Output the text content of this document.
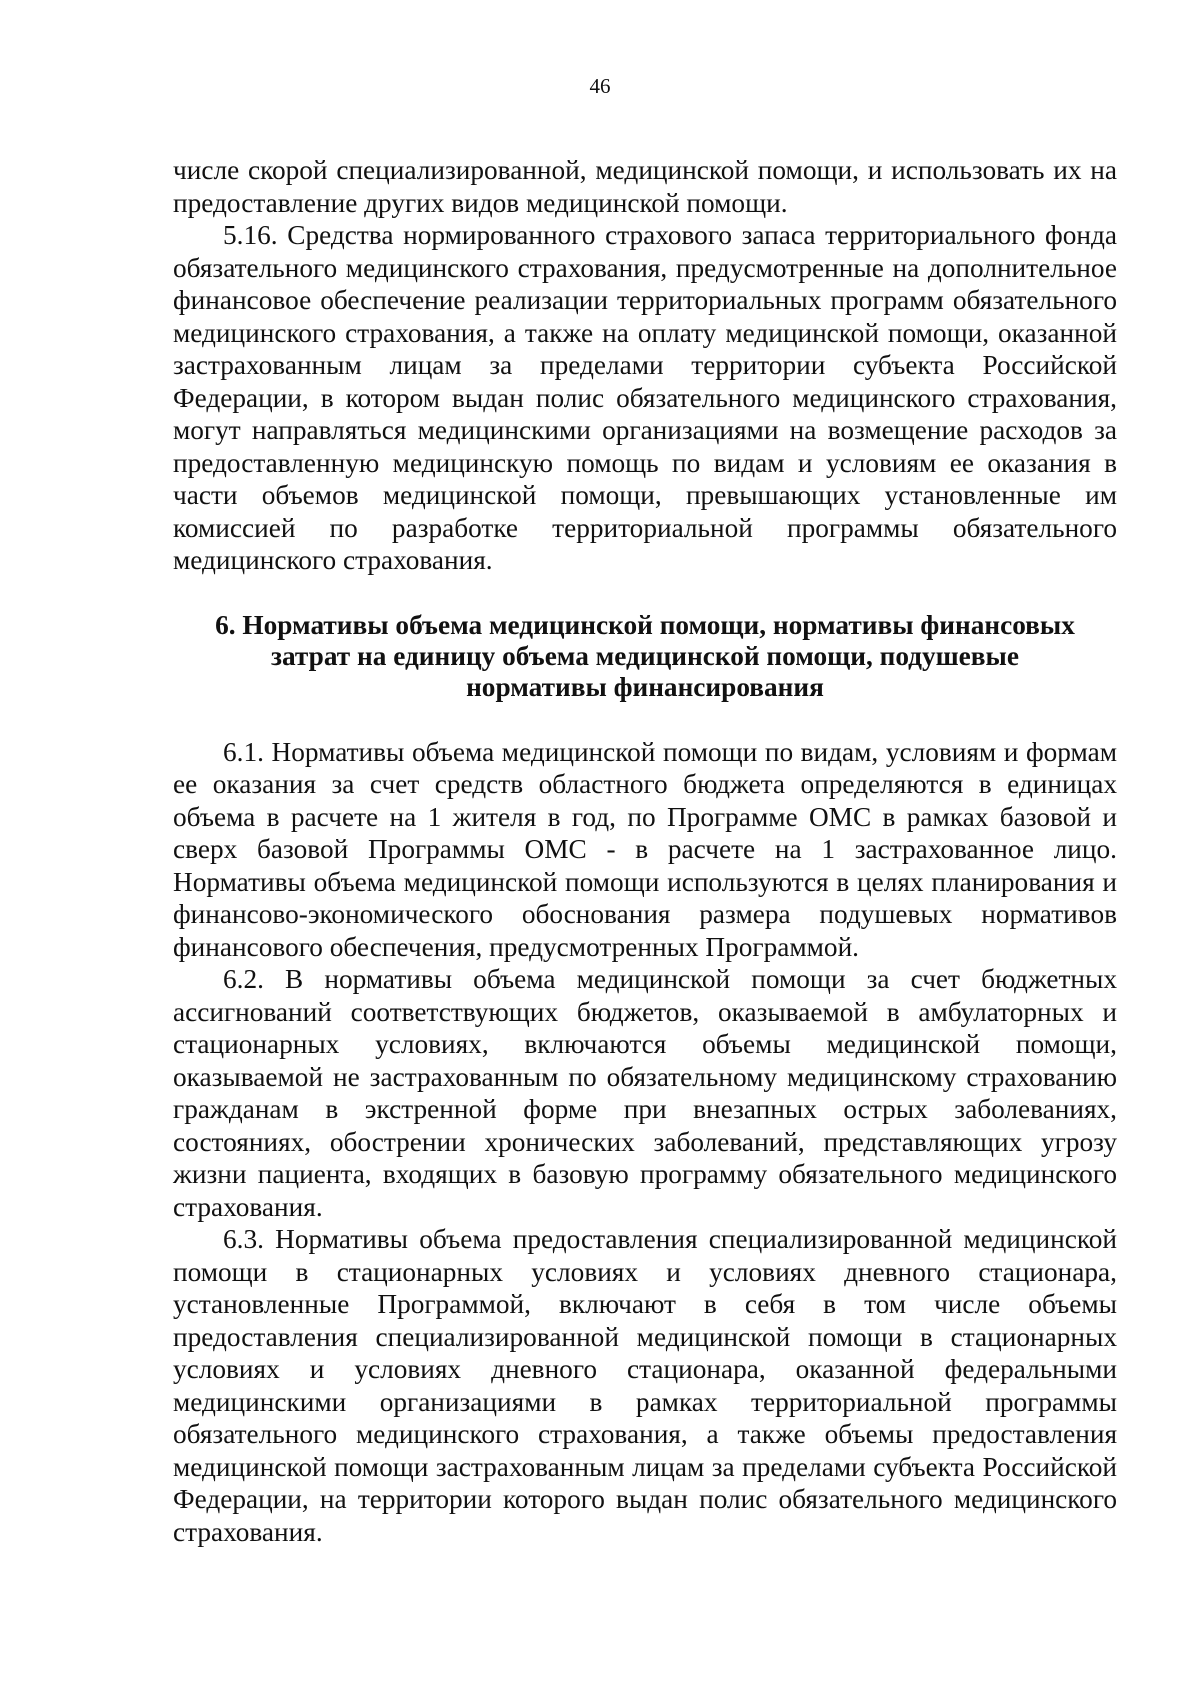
46

числе скорой специализированной, медицинской помощи, и использовать их на предоставление других видов медицинской помощи.

5.16. Средства нормированного страхового запаса территориального фонда обязательного медицинского страхования, предусмотренные на дополнительное финансовое обеспечение реализации территориальных программ обязательного медицинского страхования, а также на оплату медицинской помощи, оказанной застрахованным лицам за пределами территории субъекта Российской Федерации, в котором выдан полис обязательного медицинского страхования, могут направляться медицинскими организациями на возмещение расходов за предоставленную медицинскую помощь по видам и условиям ее оказания в части объемов медицинской помощи, превышающих установленные им комиссией по разработке территориальной программы обязательного медицинского страхования.

6. Нормативы объема медицинской помощи, нормативы финансовых
затрат на единицу объема медицинской помощи, подушевые
нормативы финансирования

6.1. Нормативы объема медицинской помощи по видам, условиям и формам ее оказания за счет средств областного бюджета определяются в единицах объема в расчете на 1 жителя в год, по Программе ОМС в рамках базовой и сверх базовой Программы ОМС - в расчете на 1 застрахованное лицо. Нормативы объема медицинской помощи используются в целях планирования и финансово-экономического обоснования размера подушевых нормативов финансового обеспечения, предусмотренных Программой.

6.2. В нормативы объема медицинской помощи за счет бюджетных ассигнований соответствующих бюджетов, оказываемой в амбулаторных и стационарных условиях, включаются объемы медицинской помощи, оказываемой не застрахованным по обязательному медицинскому страхованию гражданам в экстренной форме при внезапных острых заболеваниях, состояниях, обострении хронических заболеваний, представляющих угрозу жизни пациента, входящих в базовую программу обязательного медицинского страхования.

6.3. Нормативы объема предоставления специализированной медицинской помощи в стационарных условиях и условиях дневного стационара, установленные Программой, включают в себя в том числе объемы предоставления специализированной медицинской помощи в стационарных условиях и условиях дневного стационара, оказанной федеральными медицинскими организациями в рамках территориальной программы обязательного медицинского страхования, а также объемы предоставления медицинской помощи застрахованным лицам за пределами субъекта Российской Федерации, на территории которого выдан полис обязательного медицинского страхования.
